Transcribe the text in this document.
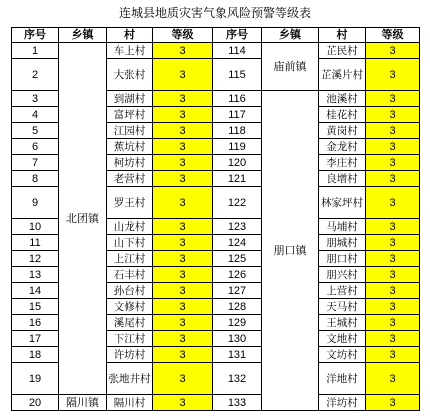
连城县地质灾害气象风险预警等级表
序号	乡镇	村	等级	序号	乡镇	村	等级
1	北团镇	车上村	3	114	庙前镇	芷民村	3
2		大张村	3	115		芷溪片村	3
3		到湖村	3	116	朋口镇	池溪村	3
4		富坪村	3	117		桂花村	3
5		江园村	3	118		黄岗村	3
6		蕉坑村	3	119		金龙村	3
7		柯坊村	3	120		李庄村	3
8		老营村	3	121		良增村	3
9		罗王村	3	122		林家坪村	3
10		山龙村	3	123		马埔村	3
11		山下村	3	124		朋城村	3
12		上江村	3	125		朋口村	3
13		石丰村	3	126		朋兴村	3
14		孙台村	3	127		上营村	3
15		文修村	3	128		天马村	3
16		溪尾村	3	129		王城村	3
17		下江村	3	130		文地村	3
18		许坊村	3	131		文坊村	3
19		张地井村	3	132		洋地村	3
20	隔川镇	隔川村	3	133		洋坊村	3
